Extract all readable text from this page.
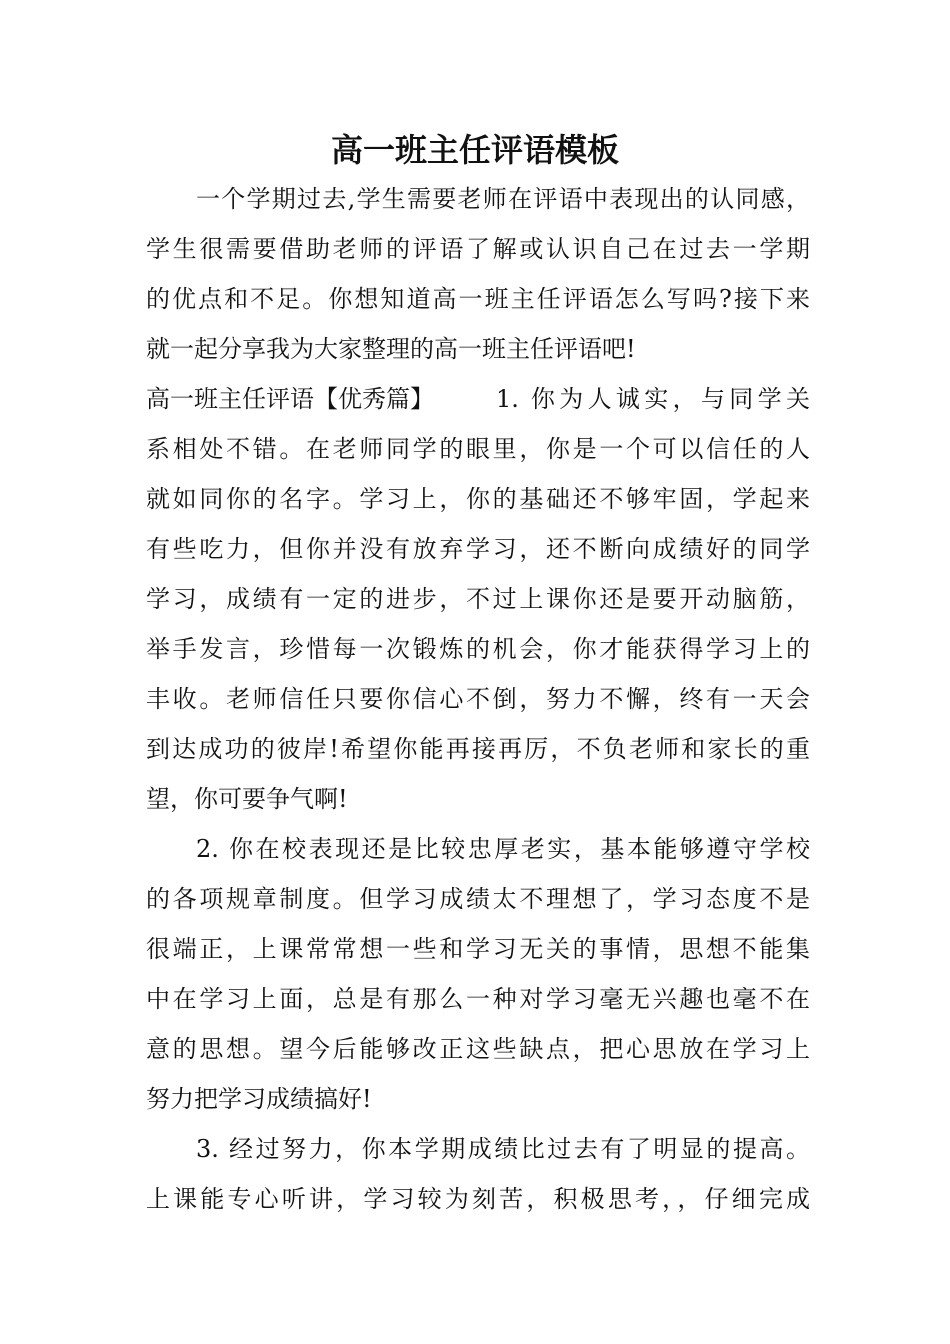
高一班主任评语模板
一个学期过去,学生需要老师在评语中表现出的认同感，
学生很需要借助老师的评语了解或认识自己在过去一学期
的优点和不足。你想知道高一班主任评语怎么写吗?接下来
就一起分享我为大家整理的高一班主任评语吧!
高一班主任评语【优秀篇】	1. 你为人诚实，与同学关
系相处不错。在老师同学的眼里，你是一个可以信任的人
就如同你的名字。学习上，你的基础还不够牢固，学起来
有些吃力，但你并没有放弃学习，还不断向成绩好的同学
学习，成绩有一定的进步，不过上课你还是要开动脑筋，
举手发言，珍惜每一次锻炼的机会，你才能获得学习上的
丰收。老师信任只要你信心不倒，努力不懈，终有一天会
到达成功的彼岸!希望你能再接再厉，不负老师和家长的重
望，你可要争气啊!
2. 你在校表现还是比较忠厚老实，基本能够遵守学校
的各项规章制度。但学习成绩太不理想了，学习态度不是
很端正，上课常常想一些和学习无关的事情，思想不能集
中在学习上面，总是有那么一种对学习毫无兴趣也毫不在
意的思想。望今后能够改正这些缺点，把心思放在学习上
努力把学习成绩搞好!
3. 经过努力，你本学期成绩比过去有了明显的提高。
上课能专心听讲，学习较为刻苦，积极思考，，仔细完成
